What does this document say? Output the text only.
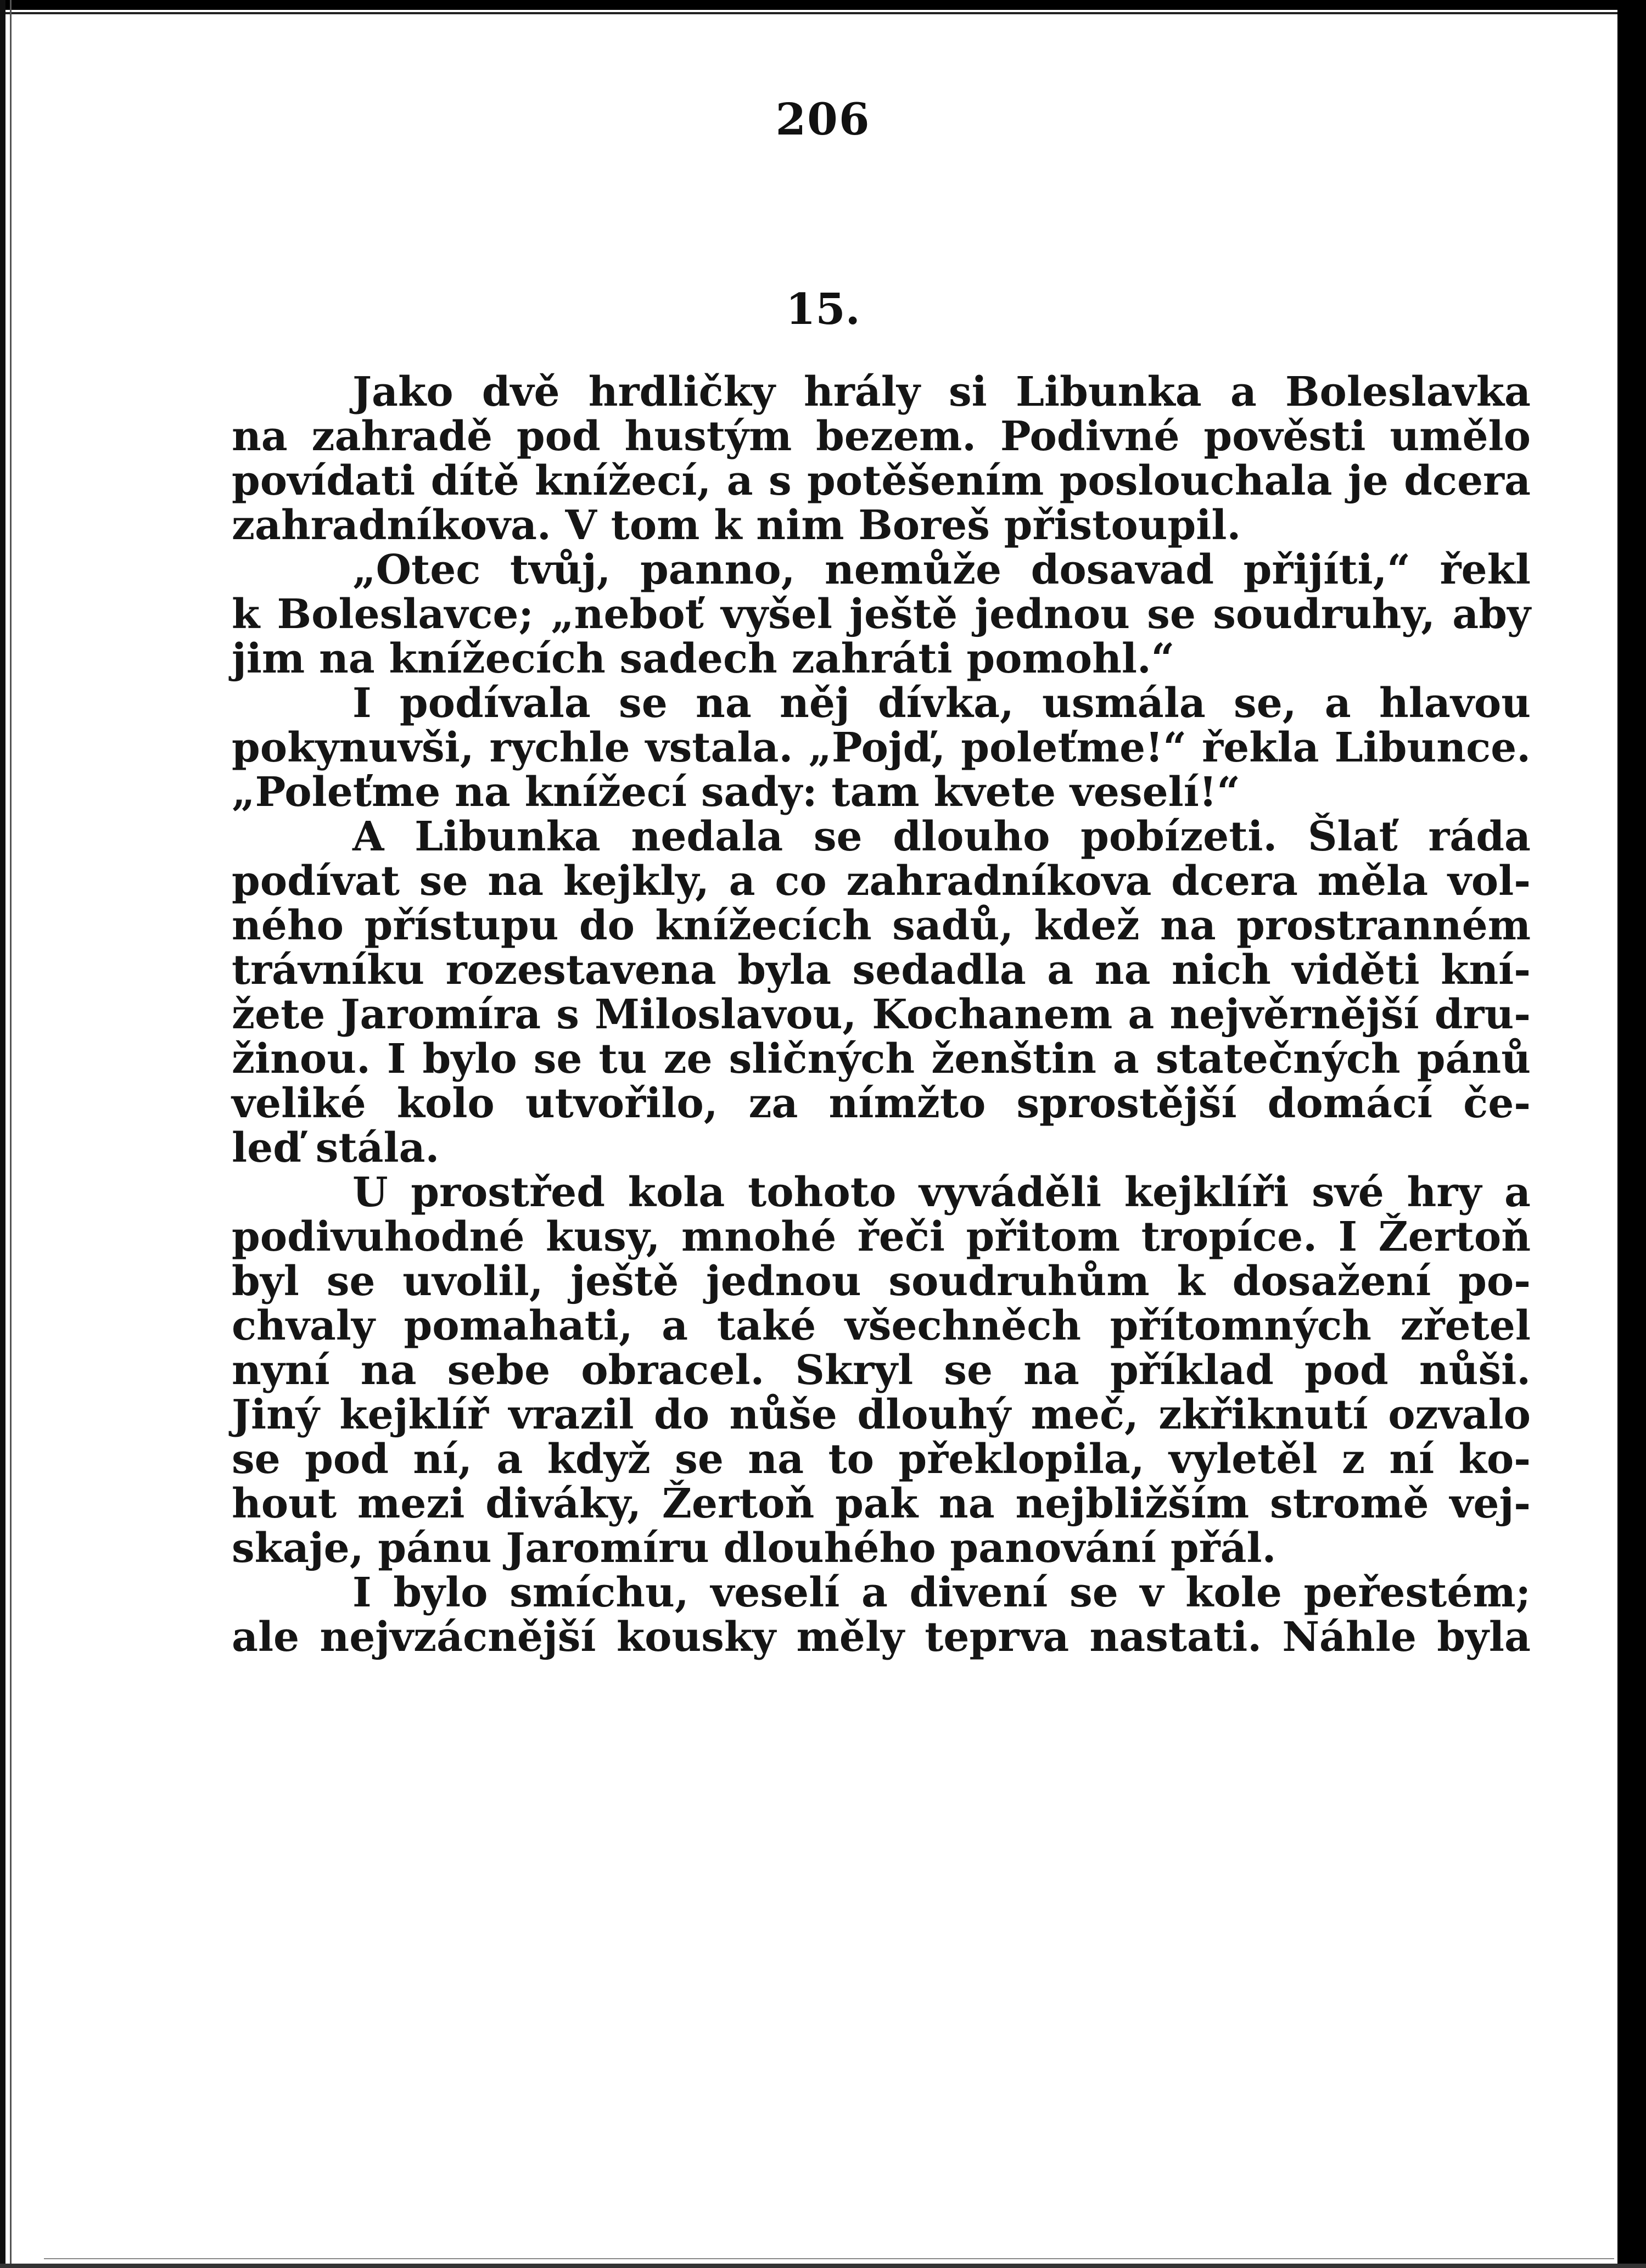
206
15.
Jako dvě hrdličky hrály si Libunka a Boleslavka
na zahradě pod hustým bezem. Podivné pověsti umělo
povídati dítě knížecí, a s potěšením poslouchala je dcera
zahradníkova. V tom k nim Boreš přistoupil.
„Otec tvůj, panno, nemůže dosavad přijíti,“ řekl
k Boleslavce; „neboť vyšel ještě jednou se soudruhy, aby
jim na knížecích sadech zahráti pomohl.“
I podívala se na něj dívka, usmála se, a hlavou
pokynuvši, rychle vstala. „Pojď, poleťme!“ řekla Libunce.
„Poleťme na knížecí sady: tam kvete veselí!“
A Libunka nedala se dlouho pobízeti. Šlať ráda
podívat se na kejkly, a co zahradníkova dcera měla vol-
ného přístupu do knížecích sadů, kdež na prostranném
trávníku rozestavena byla sedadla a na nich viděti kní-
žete Jaromíra s Miloslavou, Kochanem a nejvěrnější dru-
žinou. I bylo se tu ze sličných ženštin a statečných pánů
veliké kolo utvořilo, za nímžto sprostější domácí če-
leď stála.
U prostřed kola tohoto vyváděli kejklíři své hry a
podivuhodné kusy, mnohé řeči přitom tropíce. I Žertoň
byl se uvolil, ještě jednou soudruhům k dosažení po-
chvaly pomahati, a také všechněch přítomných zřetel
nyní na sebe obracel. Skryl se na příklad pod nůši.
Jiný kejklíř vrazil do nůše dlouhý meč, zkřiknutí ozvalo
se pod ní, a když se na to překlopila, vyletěl z ní ko-
hout mezi diváky, Žertoň pak na nejbližším stromě vej-
skaje, pánu Jaromíru dlouhého panování přál.
I bylo smíchu, veselí a divení se v kole peřestém;
ale nejvzácnější kousky měly teprva nastati. Náhle byla
